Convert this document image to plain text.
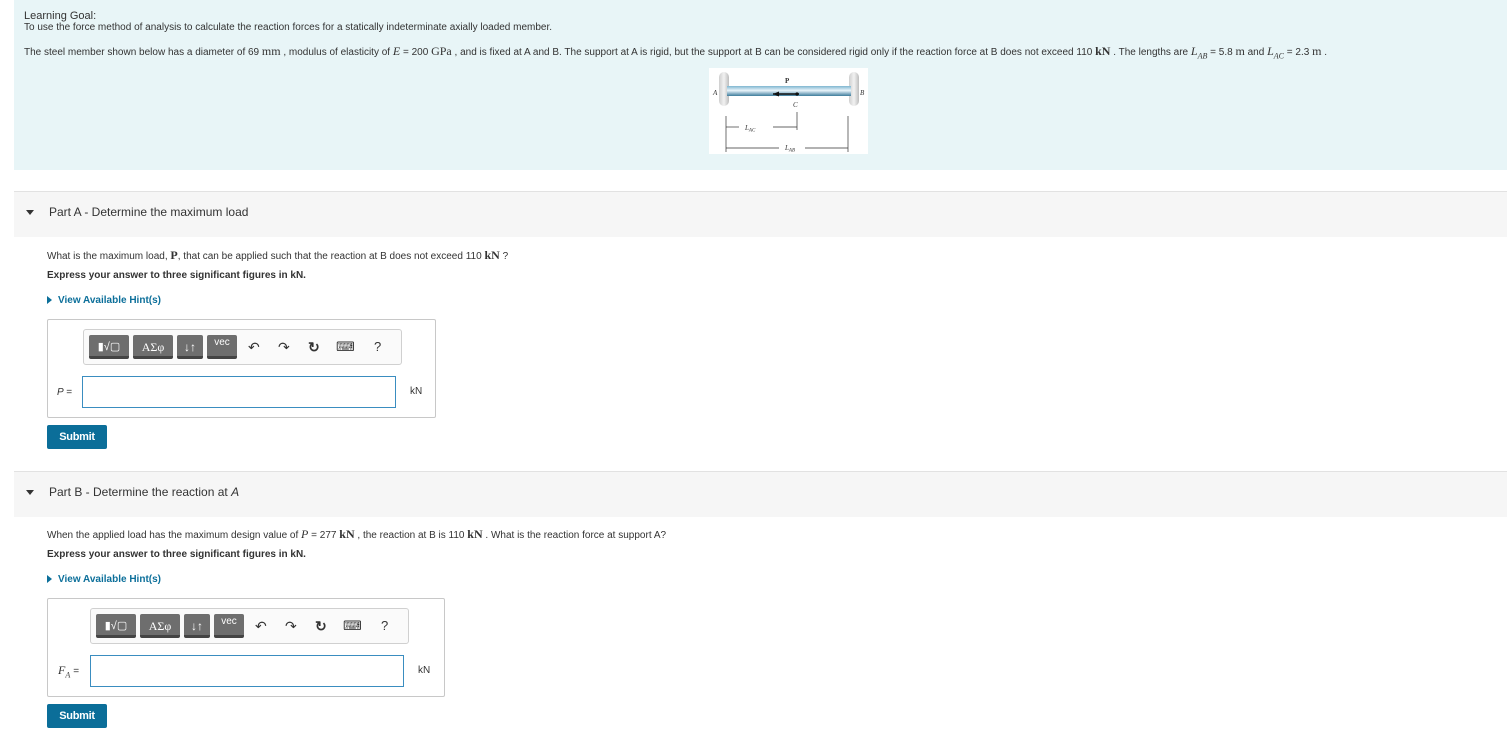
Learning Goal:
To use the force method of analysis to calculate the reaction forces for a statically indeterminate axially loaded member.
The steel member shown below has a diameter of 69 mm , modulus of elasticity of E = 200 GPa , and is fixed at A and B. The support at A is rigid, but the support at B can be considered rigid only if the reaction force at B does not exceed 110 kN . The lengths are $L_{AB} = 5.8$ m and $L_{AC} = 2.3$ m .
A	B
P
C
$L_{AC}$
$L_{AB}$
Part A - Determine the maximum load
What is the maximum load, P, that can be applied such that the reaction at B does not exceed 110 kN ?
Express your answer to three significant figures in kN.
View Available Hint(s)
▮√▢	ΑΣφ	↓↑	vec	↶ ↷ ↻ ⌨ ?
P =	kN
Submit
Part B - Determine the reaction at A
When the applied load has the maximum design value of P = 277 kN , the reaction at B is 110 kN . What is the reaction force at support A?
Express your answer to three significant figures in kN.
View Available Hint(s)
▮√▢	ΑΣφ	↓↑	vec	↶ ↷ ↻ ⌨ ?
$F_A$ =	kN
Submit
